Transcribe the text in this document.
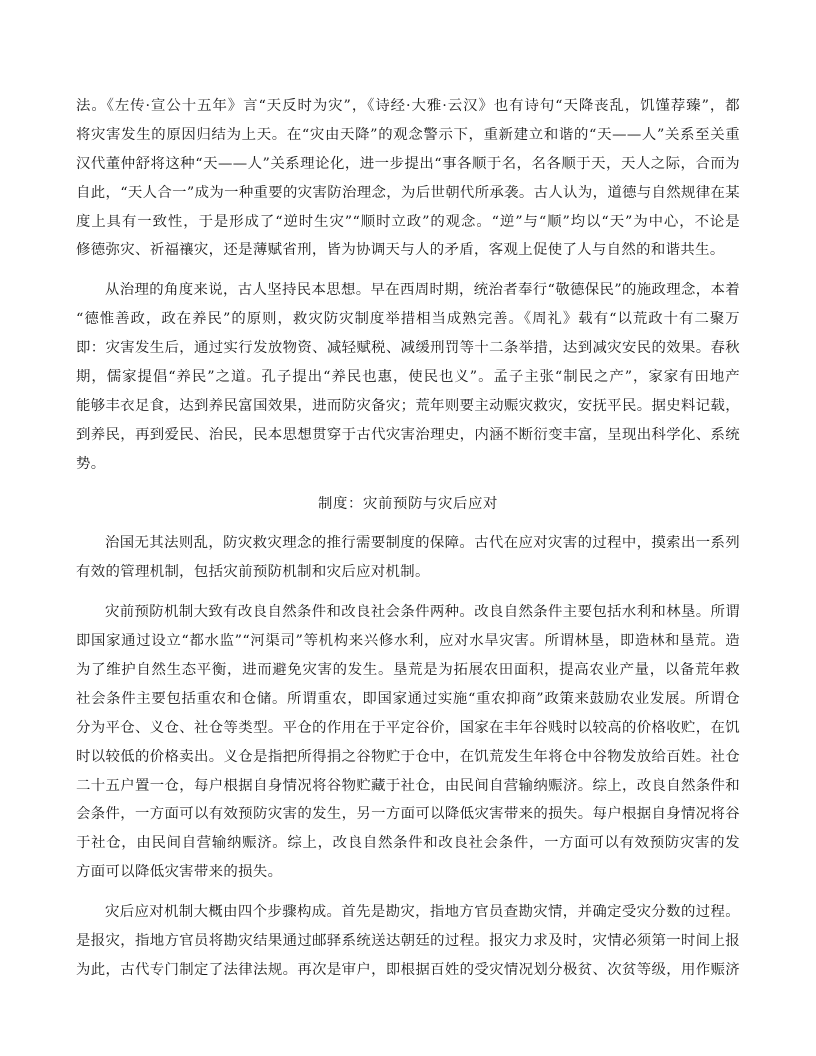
法。《左传·宣公十五年》言“天反时为灾”，《诗经·大雅·云汉》也有诗句“天降丧乱，饥馑荐臻”，都
将灾害发生的原因归结为上天。在“灾由天降”的观念警示下，重新建立和谐的“天——人”关系至关重
汉代董仲舒将这种“天——人”关系理论化，进一步提出“事各顺于名，名各顺于天，天人之际，合而为
自此，“天人合一”成为一种重要的灾害防治理念，为后世朝代所承袭。古人认为，道德与自然规律在某
度上具有一致性，于是形成了“逆时生灾”“顺时立政”的观念。“逆”与“顺”均以“天”为中心，不论是
修德弥灾、祈福禳灾，还是薄赋省刑，皆为协调天与人的矛盾，客观上促使了人与自然的和谐共生。
从治理的角度来说，古人坚持民本思想。早在西周时期，统治者奉行“敬德保民”的施政理念，本着
“德惟善政，政在养民”的原则，救灾防灾制度举措相当成熟完善。《周礼》载有“以荒政十有二聚万
即：灾害发生后，通过实行发放物资、减轻赋税、减缓刑罚等十二条举措，达到减灾安民的效果。春秋
期，儒家提倡“养民”之道。孔子提出“养民也惠，使民也义”。孟子主张“制民之产”，家家有田地产
能够丰衣足食，达到养民富国效果，进而防灾备灾；荒年则要主动赈灾救灾，安抚平民。据史料记载，
到养民，再到爱民、治民，民本思想贯穿于古代灾害治理史，内涵不断衍变丰富，呈现出科学化、系统
势。
制度：灾前预防与灾后应对
治国无其法则乱，防灾救灾理念的推行需要制度的保障。古代在应对灾害的过程中，摸索出一系列
有效的管理机制，包括灾前预防机制和灾后应对机制。
灾前预防机制大致有改良自然条件和改良社会条件两种。改良自然条件主要包括水利和林垦。所谓
即国家通过设立“都水监”“河渠司”等机构来兴修水利，应对水旱灾害。所谓林垦，即造林和垦荒。造
为了维护自然生态平衡，进而避免灾害的发生。垦荒是为拓展农田面积，提高农业产量，以备荒年救
社会条件主要包括重农和仓储。所谓重农，即国家通过实施“重农抑商”政策来鼓励农业发展。所谓仓
分为平仓、义仓、社仓等类型。平仓的作用在于平定谷价，国家在丰年谷贱时以较高的价格收贮，在饥
时以较低的价格卖出。义仓是指把所得捐之谷物贮于仓中，在饥荒发生年将仓中谷物发放给百姓。社仓
二十五户置一仓，每户根据自身情况将谷物贮藏于社仓，由民间自营输纳赈济。综上，改良自然条件和
会条件，一方面可以有效预防灾害的发生，另一方面可以降低灾害带来的损失。每户根据自身情况将谷
于社仓，由民间自营输纳赈济。综上，改良自然条件和改良社会条件，一方面可以有效预防灾害的发
方面可以降低灾害带来的损失。
灾后应对机制大概由四个步骤构成。首先是勘灾，指地方官员查勘灾情，并确定受灾分数的过程。
是报灾，指地方官员将勘灾结果通过邮驿系统送达朝廷的过程。报灾力求及时，灾情必须第一时间上报
为此，古代专门制定了法律法规。再次是审户，即根据百姓的受灾情况划分极贫、次贫等级，用作赈济
